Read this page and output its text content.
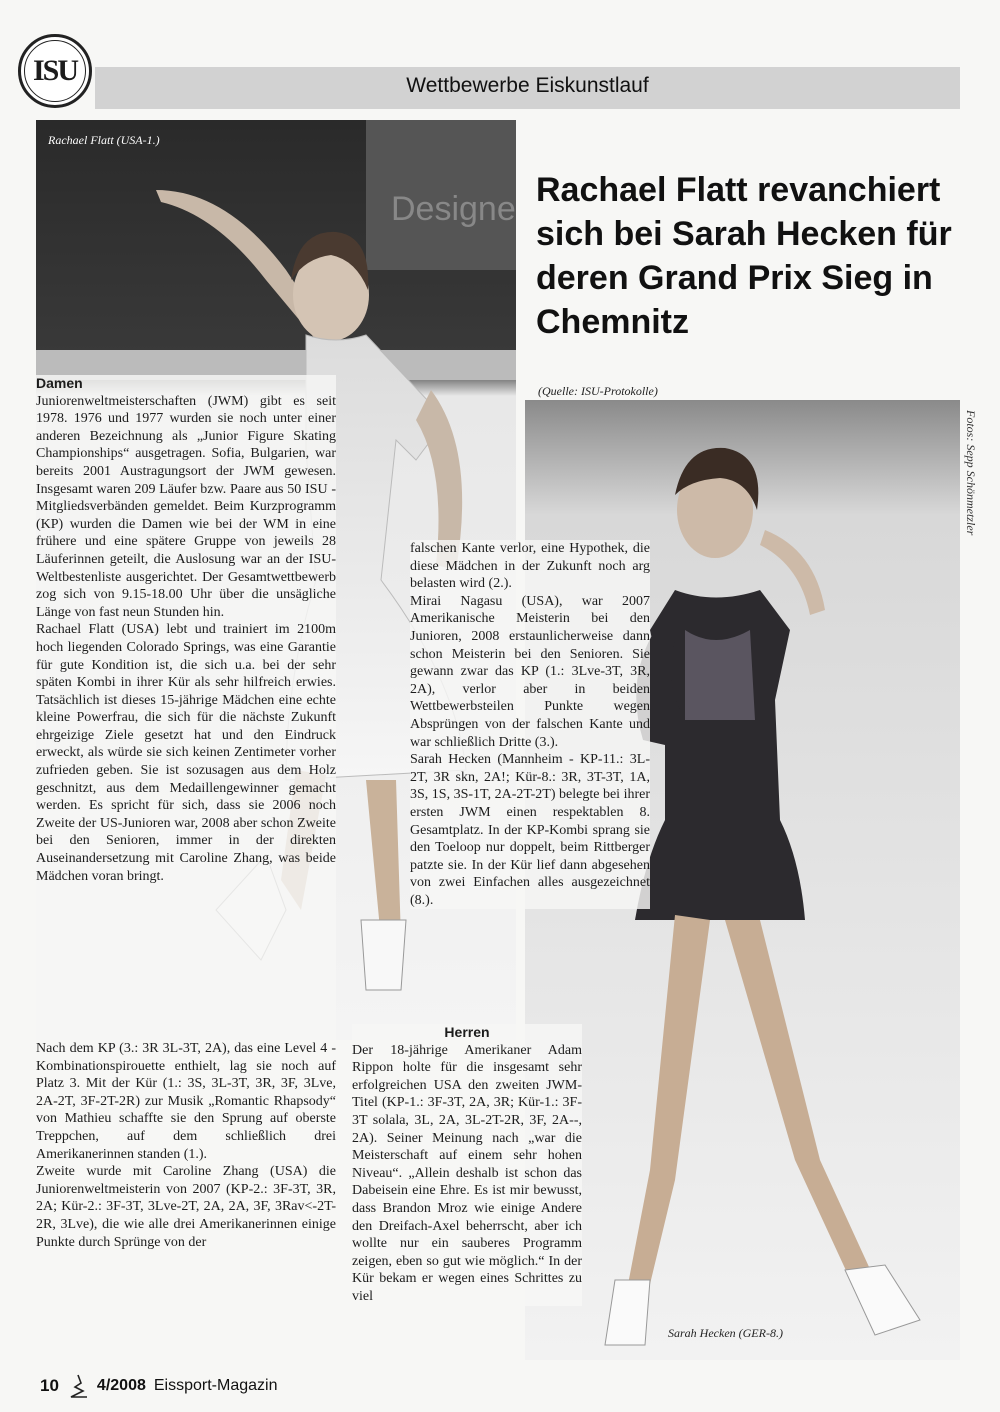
ISU	Wettbewerbe Eiskunstlauf
Designe
Rachael Flatt (USA-1.)
Rachael Flatt revanchiert sich bei Sarah Hecken für deren Grand Prix Sieg in Chemnitz
(Quelle: ISU-Protokolle)
Fotos: Sepp Schönmetzler
Sarah Hecken (GER-8.)
Damen

Juniorenweltmeisterschaften (JWM) gibt es seit 1978. 1976 und 1977 wurden sie noch unter einer anderen Bezeichnung als „Junior Figure Skating Championships“ ausgetragen. Sofia, Bulgarien, war bereits 2001 Austragungsort der JWM gewesen. Insgesamt waren 209 Läufer bzw. Paare aus 50 ISU - Mitgliedsverbänden gemeldet. Beim Kurzprogramm (KP) wurden die Damen wie bei der WM in eine frühere und eine spätere Gruppe von jeweils 28 Läuferinnen geteilt, die Auslosung war an der ISU-Weltbestenliste ausgerichtet. Der Gesamtwettbewerb zog sich von 9.15-18.00 Uhr über die unsägliche Länge von fast neun Stunden hin.

Rachael Flatt (USA) lebt und trainiert im 2100m hoch liegenden Colorado Springs, was eine Garantie für gute Kondition ist, die sich u.a. bei der sehr späten Kombi in ihrer Kür als sehr hilfreich erwies. Tatsächlich ist dieses 15-jährige Mädchen eine echte kleine Powerfrau, die sich für die nächste Zukunft ehrgeizige Ziele gesetzt hat und den Eindruck erweckt, als würde sie sich keinen Zentimeter vorher zufrieden geben. Sie ist sozusagen aus dem Holz geschnitzt, aus dem Medaillengewinner gemacht werden. Es spricht für sich, dass sie 2006 noch Zweite der US-Junioren war, 2008 aber schon Zweite bei den Senioren, immer in der direkten Auseinandersetzung mit Caroline Zhang, was beide Mädchen voran bringt.

Nach dem KP (3.: 3R 3L-3T, 2A), das eine Level 4 - Kombinationspirouette enthielt, lag sie noch auf Platz 3. Mit der Kür (1.: 3S, 3L-3T, 3R, 3F, 3Lve, 2A-2T, 3F-2T-2R) zur Musik „Romantic Rhapsody“ von Mathieu schaffte sie den Sprung auf oberste Treppchen, auf dem schließlich drei Amerikanerinnen standen (1.).

Zweite wurde mit Caroline Zhang (USA) die Juniorenweltmeisterin von 2007 (KP-2.: 3F-3T, 3R, 2A; Kür-2.: 3F-3T, 3Lve-2T, 2A, 2A, 3F, 3Rav<-2T-2R, 3Lve), die wie alle drei Amerikanerinnen einige Punkte durch Sprünge von der

falschen Kante verlor, eine Hypothek, die diese Mädchen in der Zukunft noch arg belasten wird (2.).

Mirai Nagasu (USA), war 2007 Amerikanische Meisterin bei den Junioren, 2008 erstaunlicherweise dann schon Meisterin bei den Senioren. Sie gewann zwar das KP (1.: 3Lve-3T, 3R, 2A), verlor aber in beiden Wettbewerbsteilen Punkte wegen Absprüngen von der falschen Kante und war schließlich Dritte (3.).

Sarah Hecken (Mannheim - KP-11.: 3L-2T, 3R skn, 2A!; Kür-8.: 3R, 3T-3T, 1A, 3S, 1S, 3S-1T, 2A-2T-2T) belegte bei ihrer ersten JWM einen respektablen 8. Gesamtplatz. In der KP-Kombi sprang sie den Toeloop nur doppelt, beim Rittberger patzte sie. In der Kür lief dann abgesehen von zwei Einfachen alles ausgezeichnet (8.).

Herren

Der 18-jährige Amerikaner Adam Rippon holte für die insgesamt sehr erfolgreichen USA den zweiten JWM-Titel (KP-1.: 3F-3T, 2A, 3R; Kür-1.: 3F-3T solala, 3L, 2A, 3L-2T-2R, 3F, 2A--, 2A). Seiner Meinung nach „war die Meisterschaft auf einem sehr hohen Niveau“. „Allein deshalb ist schon das Dabeisein eine Ehre. Es ist mir bewusst, dass Brandon Mroz wie einige Andere den Dreifach-Axel beherrscht, aber ich wollte nur ein sauberes Programm zeigen, eben so gut wie möglich.“ In der Kür bekam er wegen eines Schrittes zu viel

10 4/2008 Eissport-Magazin
